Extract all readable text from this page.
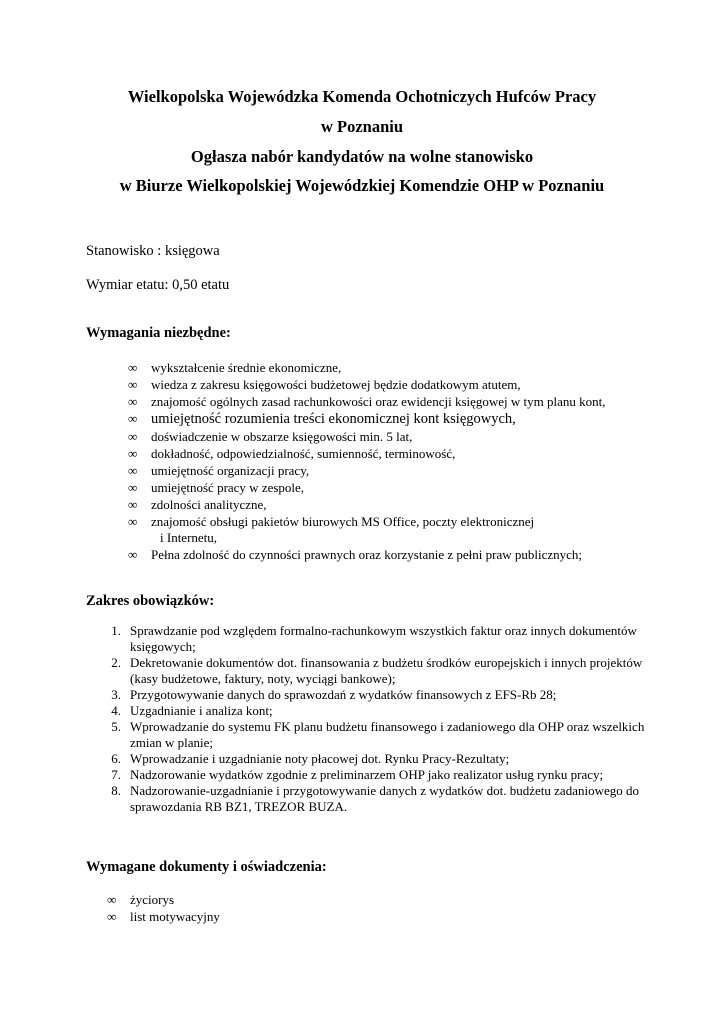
Wielkopolska Wojewódzka Komenda Ochotniczych Hufców Pracy
w Poznaniu
Ogłasza nabór kandydatów na wolne stanowisko
w Biurze Wielkopolskiej Wojewódzkiej Komendzie OHP w Poznaniu
Stanowisko : księgowa
Wymiar etatu: 0,50 etatu
Wymagania niezbędne:
∞ wykształcenie średnie ekonomiczne,
∞ wiedza z zakresu księgowości budżetowej będzie dodatkowym atutem,
∞ znajomość ogólnych zasad rachunkowości oraz ewidencji księgowej w tym planu kont,
∞ umiejętność rozumienia treści ekonomicznej kont księgowych,
∞ doświadczenie w obszarze księgowości min. 5 lat,
∞ dokładność, odpowiedzialność, sumienność, terminowość,
∞ umiejętność organizacji pracy,
∞ umiejętność pracy w zespole,
∞ zdolności analityczne,
∞ znajomość obsługi pakietów biurowych MS Office, poczty elektronicznej
i Internetu,
∞ Pełna zdolność do czynności prawnych oraz korzystanie z pełni praw publicznych;
Zakres obowiązków:
1. Sprawdzanie pod względem formalno-rachunkowym wszystkich faktur oraz innych dokumentów księgowych;
2. Dekretowanie dokumentów dot. finansowania z budżetu środków europejskich i innych projektów (kasy budżetowe, faktury, noty, wyciągi bankowe);
3. Przygotowywanie danych do sprawozdań z wydatków finansowych z EFS-Rb 28;
4. Uzgadnianie i analiza kont;
5. Wprowadzanie do systemu FK planu budżetu finansowego i zadaniowego dla OHP oraz wszelkich zmian w planie;
6. Wprowadzanie i uzgadnianie noty płacowej dot. Rynku Pracy-Rezultaty;
7. Nadzorowanie wydatków zgodnie z preliminarzem OHP jako realizator usług rynku pracy;
8. Nadzorowanie-uzgadnianie i przygotowywanie danych z wydatków dot. budżetu zadaniowego do sprawozdania RB BZ1, TREZOR BUZA.
Wymagane dokumenty i oświadczenia:
∞ życiorys
∞ list motywacyjny
